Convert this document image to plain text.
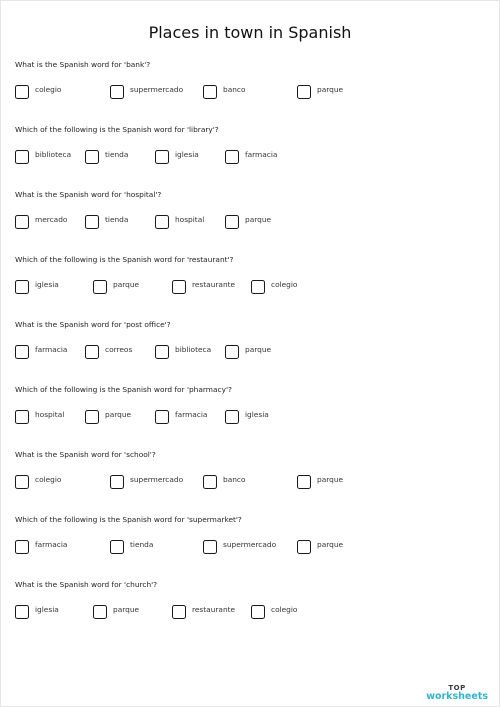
Places in town in Spanish
What is the Spanish word for 'bank'?
colegio	supermercado	banco	parque
Which of the following is the Spanish word for 'library'?
biblioteca	tienda	iglesia	farmacia
What is the Spanish word for 'hospital'?
mercado	tienda	hospital	parque
Which of the following is the Spanish word for 'restaurant'?
iglesia	parque	restaurante	colegio
What is the Spanish word for 'post office'?
farmacia	correos	biblioteca	parque
Which of the following is the Spanish word for 'pharmacy'?
hospital	parque	farmacia	iglesia
What is the Spanish word for 'school'?
colegio	supermercado	banco	parque
Which of the following is the Spanish word for 'supermarket'?
farmacia	tienda	supermercado	parque
What is the Spanish word for 'church'?
iglesia	parque	restaurante	colegio
TOP
worksheets
